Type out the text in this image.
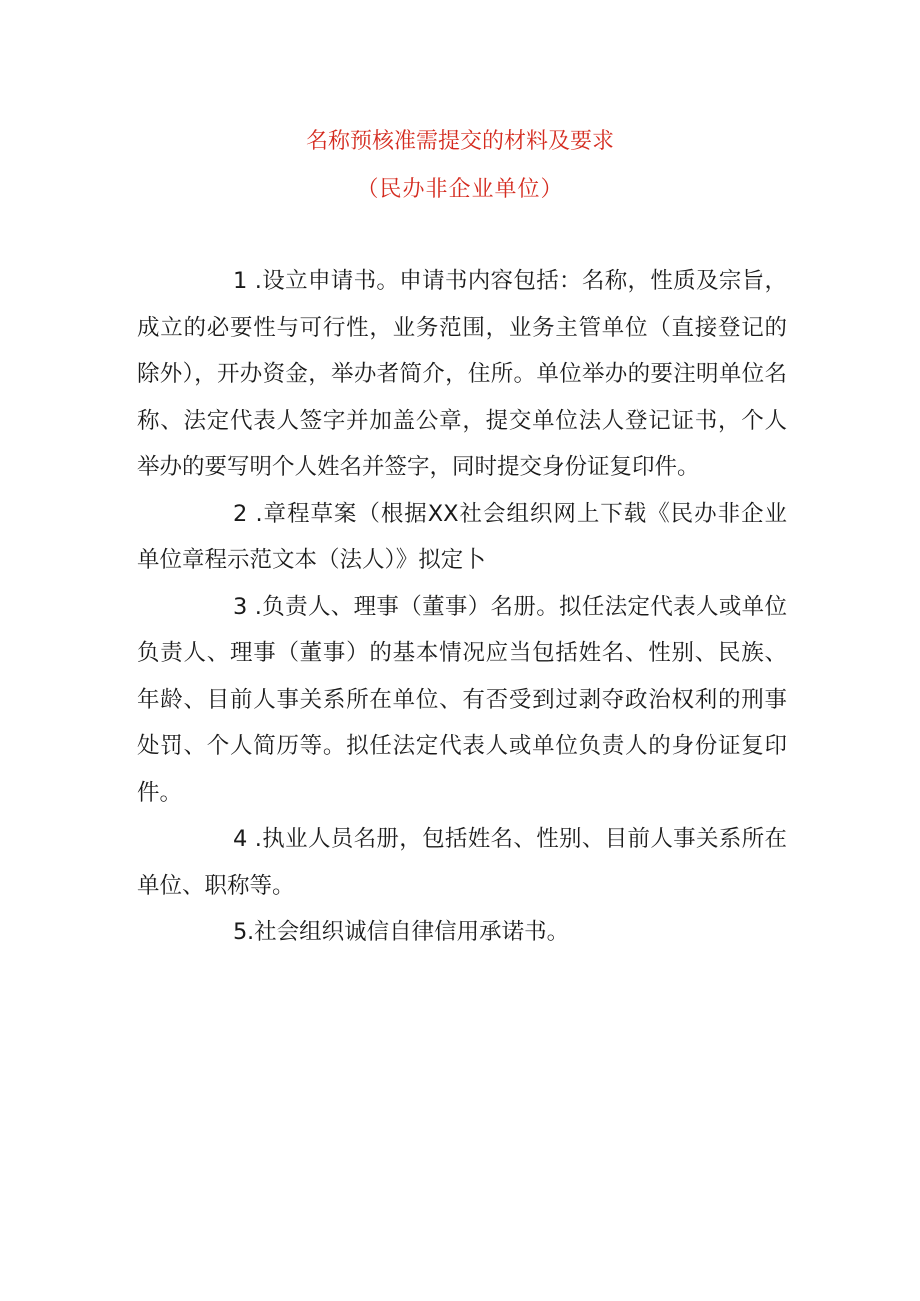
名称预核准需提交的材料及要求
（民办非企业单位）

1 .设立申请书。申请书内容包括：名称，性质及宗旨，成立的必要性与可行性，业务范围，业务主管单位（直接登记的除外），开办资金，举办者简介，住所。单位举办的要注明单位名称、法定代表人签字并加盖公章，提交单位法人登记证书，个人举办的要写明个人姓名并签字，同时提交身份证复印件。

2 .章程草案（根据XX社会组织网上下载《民办非企业单位章程示范文本（法人）》拟定卜

3 .负责人、理事（董事）名册。拟任法定代表人或单位负责人、理事（董事）的基本情况应当包括姓名、性别、民族、年龄、目前人事关系所在单位、有否受到过剥夺政治权利的刑事处罚、个人简历等。拟任法定代表人或单位负责人的身份证复印件。

4 .执业人员名册，包括姓名、性别、目前人事关系所在单位、职称等。

5.社会组织诚信自律信用承诺书。
